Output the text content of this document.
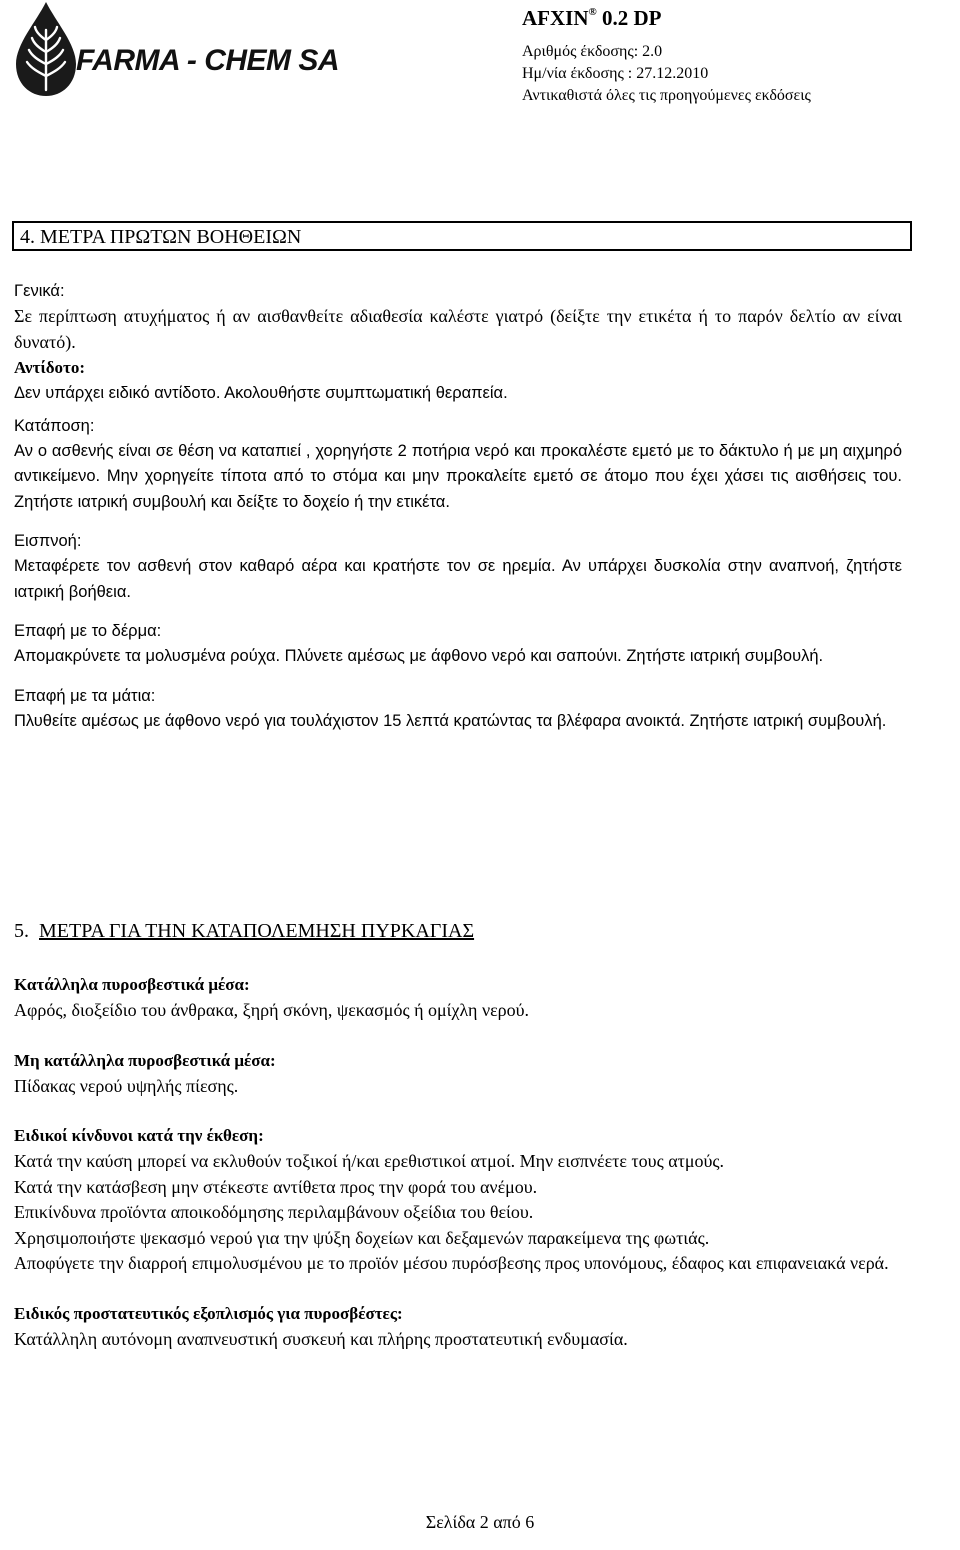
FARMA - CHEM SA
AFXIN® 0.2 DP
Αριθμός έκδοσης: 2.0
Ημ/νία έκδοσης : 27.12.2010
Αντικαθιστά όλες τις προηγούμενες εκδόσεις
4. ΜΕΤΡΑ ΠΡΩΤΩΝ ΒΟΗΘΕΙΩΝ

Γενικά:

Σε περίπτωση ατυχήματος ή αν αισθανθείτε αδιαθεσία καλέστε γιατρό (δείξτε την ετικέτα ή το παρόν δελτίο αν είναι δυνατό).

Αντίδοτο:

Δεν υπάρχει ειδικό αντίδοτο. Ακολουθήστε συμπτωματική θεραπεία.

Κατάποση:

Αν ο ασθενής είναι σε θέση να καταπιεί , χορηγήστε 2 ποτήρια νερό και προκαλέστε εμετό με το δάκτυλο ή με μη αιχμηρό αντικείμενο. Μην χορηγείτε τίποτα από το στόμα και μην προκαλείτε εμετό σε άτομο που έχει χάσει τις αισθήσεις του. Ζητήστε ιατρική συμβουλή και δείξτε το δοχείο ή την ετικέτα.

Εισπνοή:

Μεταφέρετε τον ασθενή στον καθαρό αέρα και κρατήστε τον σε ηρεμία. Αν υπάρχει δυσκολία στην αναπνοή, ζητήστε ιατρική βοήθεια.

Επαφή με το δέρμα:

Απομακρύνετε τα μολυσμένα ρούχα. Πλύνετε αμέσως με άφθονο νερό και σαπούνι. Ζητήστε ιατρική συμβουλή.

Επαφή με τα μάτια:

Πλυθείτε αμέσως με άφθονο νερό για τουλάχιστον 15 λεπτά κρατώντας τα βλέφαρα ανοικτά. Ζητήστε ιατρική συμβουλή.

5. ΜΕΤΡΑ ΓΙΑ ΤΗΝ ΚΑΤΑΠΟΛΕΜΗΣΗ ΠΥΡΚΑΓΙΑΣ

Κατάλληλα πυροσβεστικά μέσα:

Αφρός, διοξείδιο του άνθρακα, ξηρή σκόνη, ψεκασμός ή ομίχλη νερού.

Μη κατάλληλα πυροσβεστικά μέσα:

Πίδακας νερού υψηλής πίεσης.

Ειδικοί κίνδυνοι κατά την έκθεση:

Κατά την καύση μπορεί να εκλυθούν τοξικοί ή/και ερεθιστικοί ατμοί. Μην εισπνέετε τους ατμούς.

Κατά την κατάσβεση μην στέκεστε αντίθετα προς την φορά του ανέμου.

Επικίνδυνα προϊόντα αποικοδόμησης περιλαμβάνουν οξείδια του θείου.

Χρησιμοποιήστε ψεκασμό νερού για την ψύξη δοχείων και δεξαμενών παρακείμενα της φωτιάς.

Αποφύγετε την διαρροή επιμολυσμένου με το προϊόν μέσου πυρόσβεσης προς υπονόμους, έδαφος και επιφανειακά νερά.

Ειδικός προστατευτικός εξοπλισμός για πυροσβέστες:

Κατάλληλη αυτόνομη αναπνευστική συσκευή και πλήρης προστατευτική ενδυμασία.

Σελίδα 2 από 6
